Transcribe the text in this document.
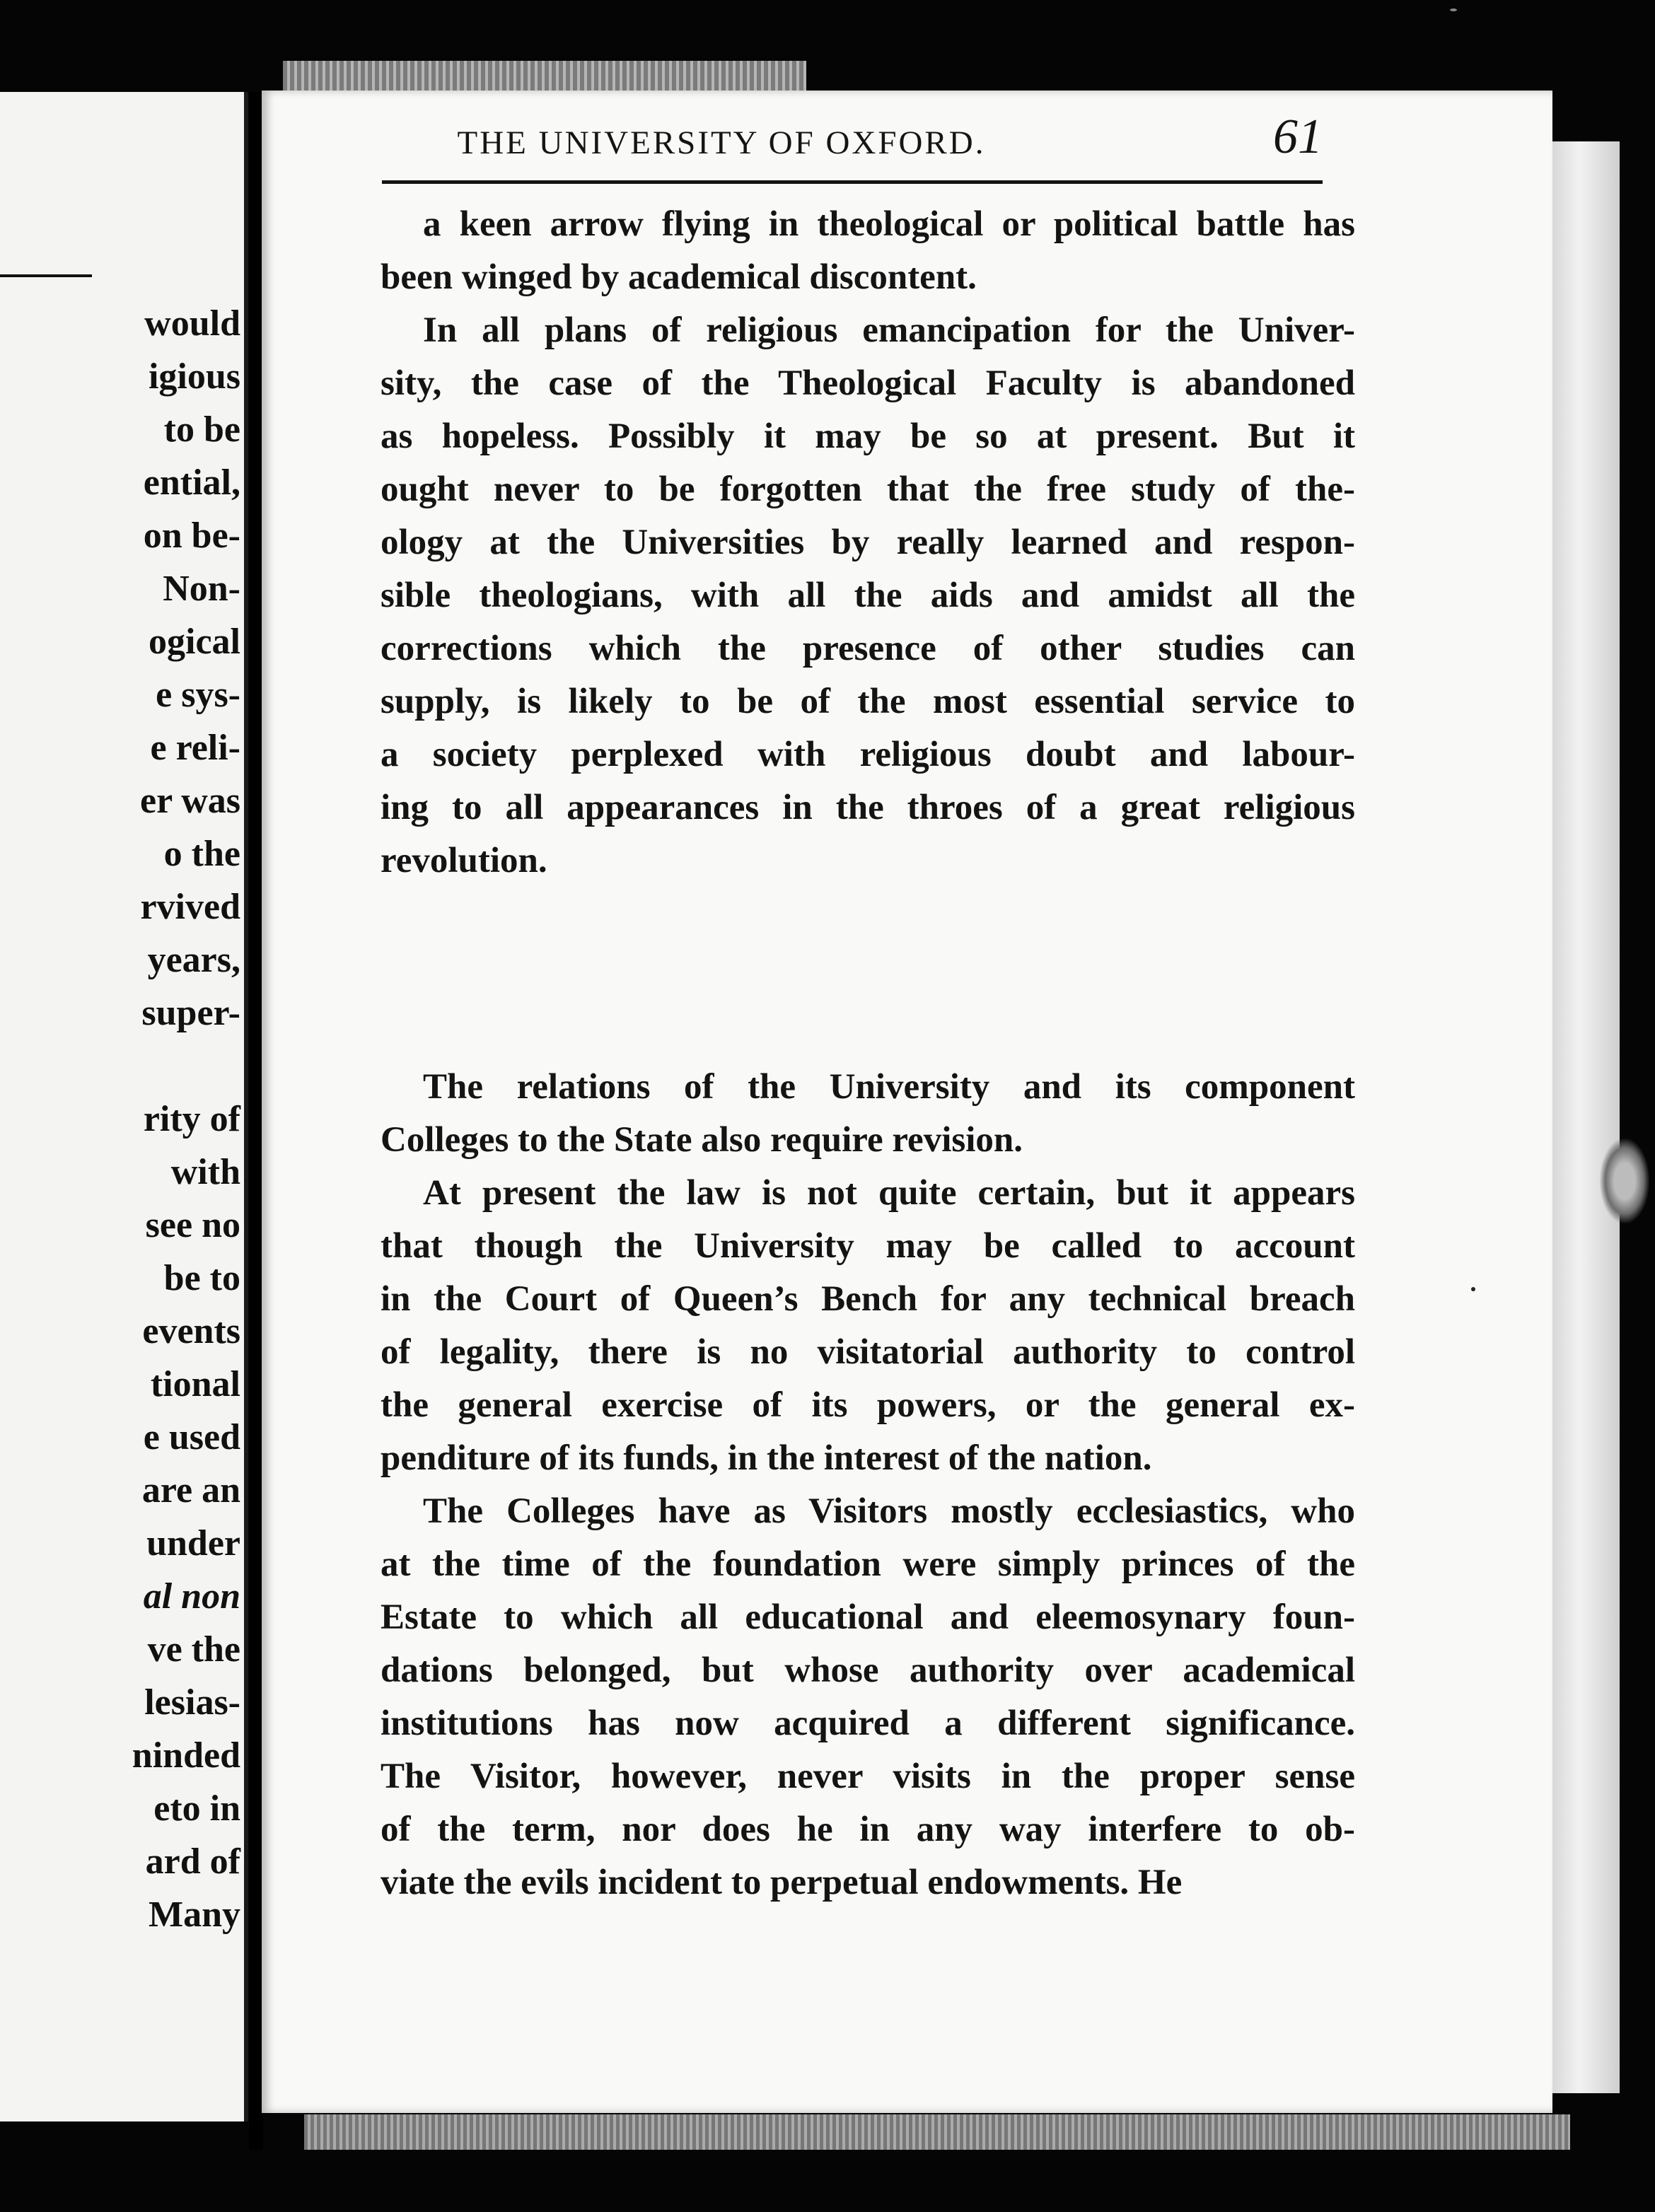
would
igious
to be
ential,
on be-
Non-
ogical
e sys-
e reli-
er was
o the
rvived
years,
super-
rity of
with
see no
be to
events
tional
e used
are an
under
al non
ve the
lesias-
ninded
eto in
ard of
Many
THE UNIVERSITY OF OXFORD.	61
a keen arrow flying in theological or political battle has
been winged by academical discontent.
In all plans of religious emancipation for the Univer-
sity, the case of the Theological Faculty is abandoned
as hopeless. Possibly it may be so at present. But it
ought never to be forgotten that the free study of the-
ology at the Universities by really learned and respon-
sible theologians, with all the aids and amidst all the
corrections which the presence of other studies can
supply, is likely to be of the most essential service to
a society perplexed with religious doubt and labour-
ing to all appearances in the throes of a great religious
revolution.
The relations of the University and its component
Colleges to the State also require revision.
At present the law is not quite certain, but it appears
that though the University may be called to account
in the Court of Queen’s Bench for any technical breach
of legality, there is no visitatorial authority to control
the general exercise of its powers, or the general ex-
penditure of its funds, in the interest of the nation.
The Colleges have as Visitors mostly ecclesiastics, who
at the time of the foundation were simply princes of the
Estate to which all educational and eleemosynary foun-
dations belonged, but whose authority over academical
institutions has now acquired a different significance.
The Visitor, however, never visits in the proper sense
of the term, nor does he in any way interfere to ob-
viate the evils incident to perpetual endowments. He
